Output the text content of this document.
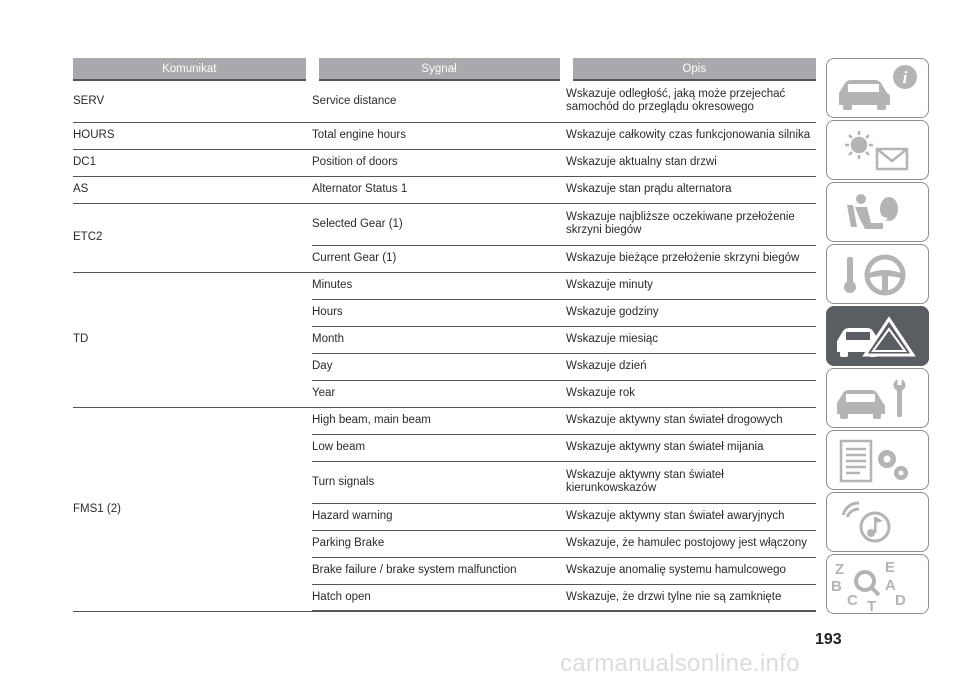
Komunikat	Sygnał	Opis
SERV	Service distance	Wskazuje odległość, jaką może przejechać samochód do przeglądu okresowego
HOURS	Total engine hours	Wskazuje całkowity czas funkcjonowania silnika
DC1	Position of doors	Wskazuje aktualny stan drzwi
AS	Alternator Status 1	Wskazuje stan prądu alternatora
ETC2	Selected Gear (1)	Wskazuje najbliższe oczekiwane przełożenie skrzyni biegów
	Current Gear (1)	Wskazuje bieżące przełożenie skrzyni biegów
TD	Minutes	Wskazuje minuty
	Hours	Wskazuje godziny
	Month	Wskazuje miesiąc
	Day	Wskazuje dzień
	Year	Wskazuje rok
FMS1 (2)	High beam, main beam	Wskazuje aktywny stan świateł drogowych
	Low beam	Wskazuje aktywny stan świateł mijania
	Turn signals	Wskazuje aktywny stan świateł kierunkowskazów
	Hazard warning	Wskazuje aktywny stan świateł awaryjnych
	Parking Brake	Wskazuje, że hamulec postojowy jest włączony
	Brake failure / brake system malfunction	Wskazuje anomalię systemu hamulcowego
	Hatch open	Wskazuje, że drzwi tylne nie są zamknięte
i
Z	E
B	A
C T D
193
carmanualsonline.info
